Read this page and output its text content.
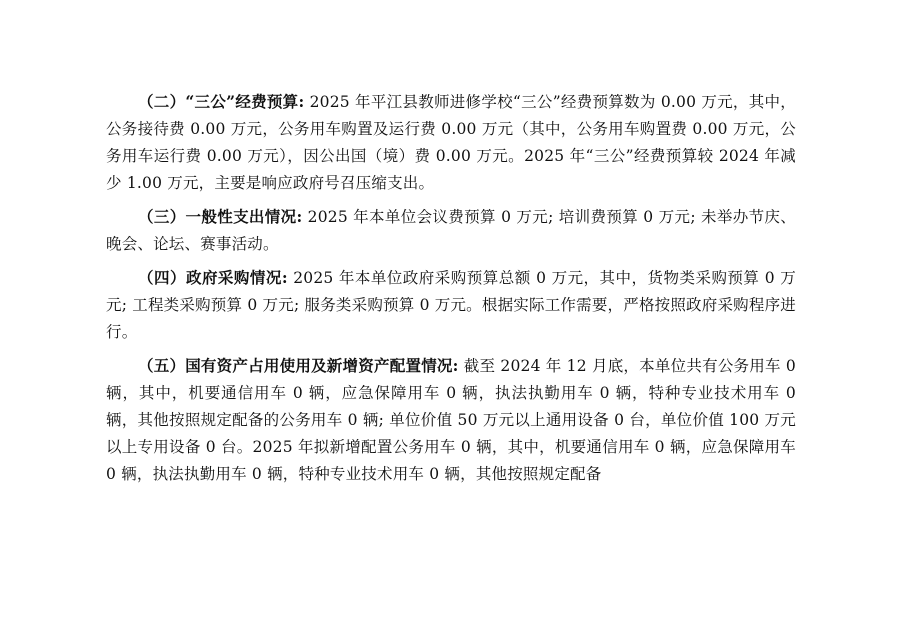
（二）“三公”经费预算: 2025 年平江县教师进修学校“三公”经费预算数为 0.00 万元，其中，公务接待费 0.00 万元，公务用车购置及运行费 0.00 万元（其中，公务用车购置费 0.00 万元，公务用车运行费 0.00 万元），因公出国（境）费 0.00 万元。2025 年“三公”经费预算较 2024 年减少 1.00 万元，主要是响应政府号召压缩支出。

（三）一般性支出情况: 2025 年本单位会议费预算 0 万元; 培训费预算 0 万元; 未举办节庆、晚会、论坛、赛事活动。

（四）政府采购情况: 2025 年本单位政府采购预算总额 0 万元，其中，货物类采购预算 0 万元; 工程类采购预算 0 万元; 服务类采购预算 0 万元。根据实际工作需要，严格按照政府采购程序进行。

（五）国有资产占用使用及新增资产配置情况: 截至 2024 年 12 月底，本单位共有公务用车 0 辆，其中，机要通信用车 0 辆，应急保障用车 0 辆，执法执勤用车 0 辆，特种专业技术用车 0 辆，其他按照规定配备的公务用车 0 辆; 单位价值 50 万元以上通用设备 0 台，单位价值 100 万元以上专用设备 0 台。2025 年拟新增配置公务用车 0 辆，其中，机要通信用车 0 辆，应急保障用车 0 辆，执法执勤用车 0 辆，特种专业技术用车 0 辆，其他按照规定配备
